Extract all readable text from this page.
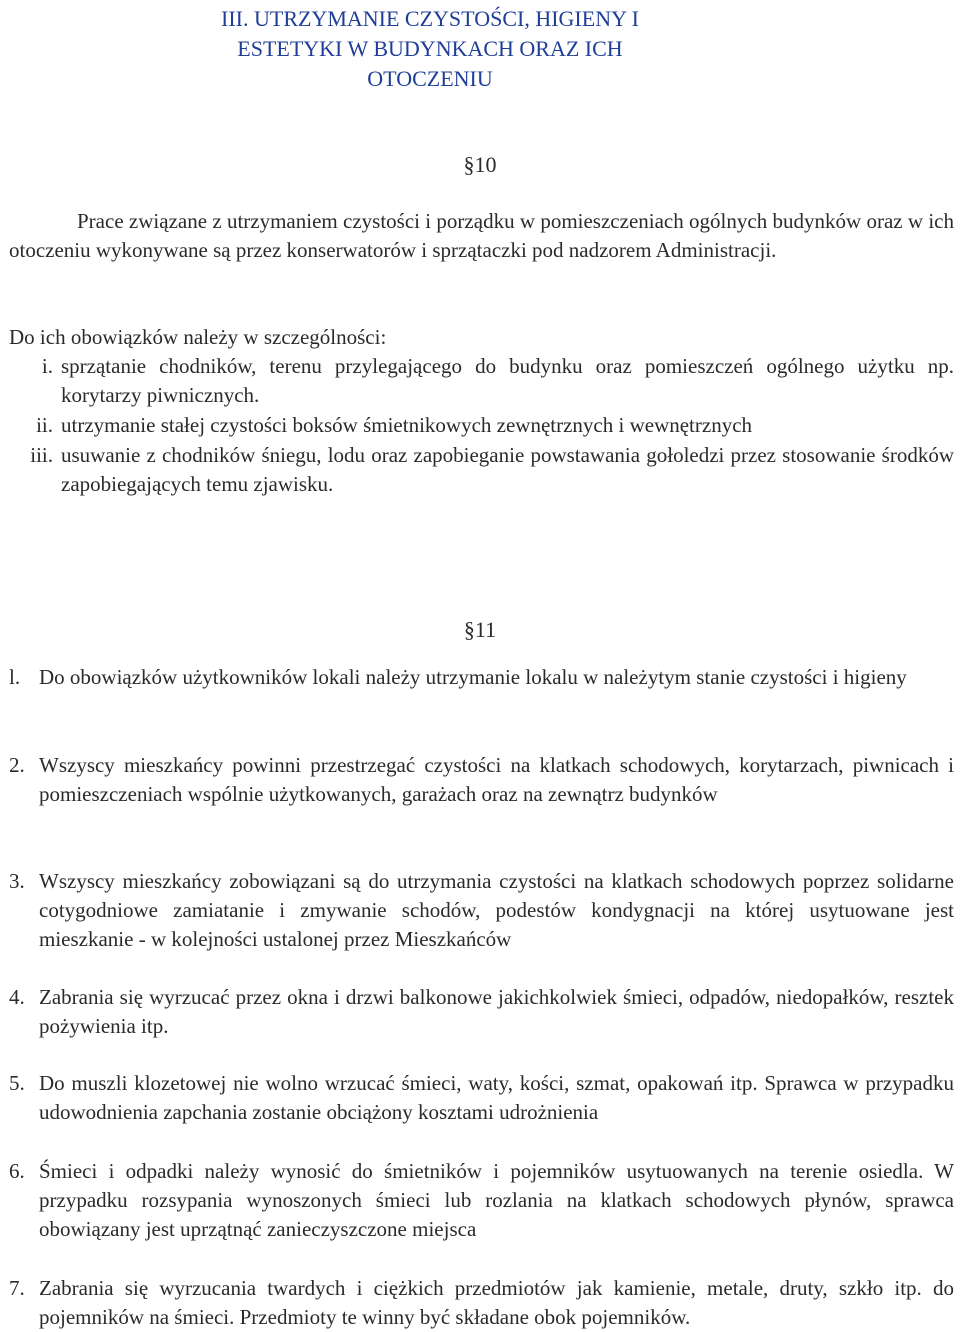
III. UTRZYMANIE CZYSTOŚCI, HIGIENY I
ESTETYKI W BUDYNKACH ORAZ ICH
OTOCZENIU
§10
Prace związane z utrzymaniem czystości i porządku w pomieszczeniach ogólnych budynków oraz w ich otoczeniu wykonywane są przez konserwatorów i sprzątaczki pod nadzorem Administracji.
Do ich obowiązków należy w szczególności:
i. sprzątanie chodników, terenu przylegającego do budynku oraz pomieszczeń ogólnego użytku np. korytarzy piwnicznych.
ii. utrzymanie stałej czystości boksów śmietnikowych zewnętrznych i wewnętrznych
iii. usuwanie z chodników śniegu, lodu oraz zapobieganie powstawania gołoledzi przez stosowanie środków zapobiegających temu zjawisku.
§11
l. Do obowiązków użytkowników lokali należy utrzymanie lokalu w należytym stanie czystości i higieny
2. Wszyscy mieszkańcy powinni przestrzegać czystości na klatkach schodowych, korytarzach, piwnicach i pomieszczeniach wspólnie użytkowanych, garażach oraz na zewnątrz budynków
3. Wszyscy mieszkańcy zobowiązani są do utrzymania czystości na klatkach schodowych poprzez solidarne cotygodniowe zamiatanie i zmywanie schodów, podestów kondygnacji na której usytuowane jest mieszkanie - w kolejności ustalonej przez Mieszkańców
4. Zabrania się wyrzucać przez okna i drzwi balkonowe jakichkolwiek śmieci, odpadów, niedopałków, resztek pożywienia itp.
5. Do muszli klozetowej nie wolno wrzucać śmieci, waty, kości, szmat, opakowań itp. Sprawca w przypadku udowodnienia zapchania zostanie obciążony kosztami udrożnienia
6. Śmieci i odpadki należy wynosić do śmietników i pojemników usytuowanych na terenie osiedla. W przypadku rozsypania wynoszonych śmieci lub rozlania na klatkach schodowych płynów, sprawca obowiązany jest uprzątnąć zanieczyszczone miejsca
7. Zabrania się wyrzucania twardych i ciężkich przedmiotów jak kamienie, metale, druty, szkło itp. do pojemników na śmieci. Przedmioty te winny być składane obok pojemników.
